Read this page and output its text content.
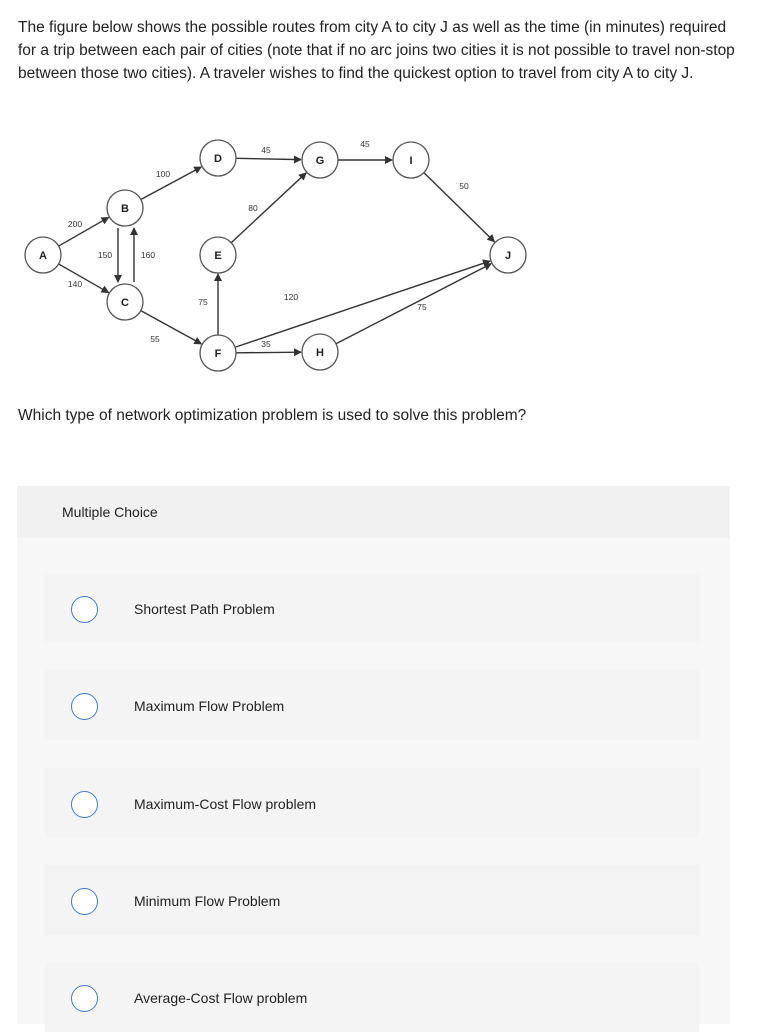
The figure below shows the possible routes from city A to city J as well as the time (in minutes) required for a trip between each pair of cities (note that if no arc joins two cities it is not possible to travel non-stop between those two cities). A traveler wishes to find the quickest option to travel from city A to city J.
200
140
150	160
100
45
80
75
55	35
120
75
45
50
A
B
C
D
E
F
G
H
I
J
Which type of network optimization problem is used to solve this problem?
Multiple Choice
Shortest Path Problem
Maximum Flow Problem
Maximum-Cost Flow problem
Minimum Flow Problem
Average-Cost Flow problem
